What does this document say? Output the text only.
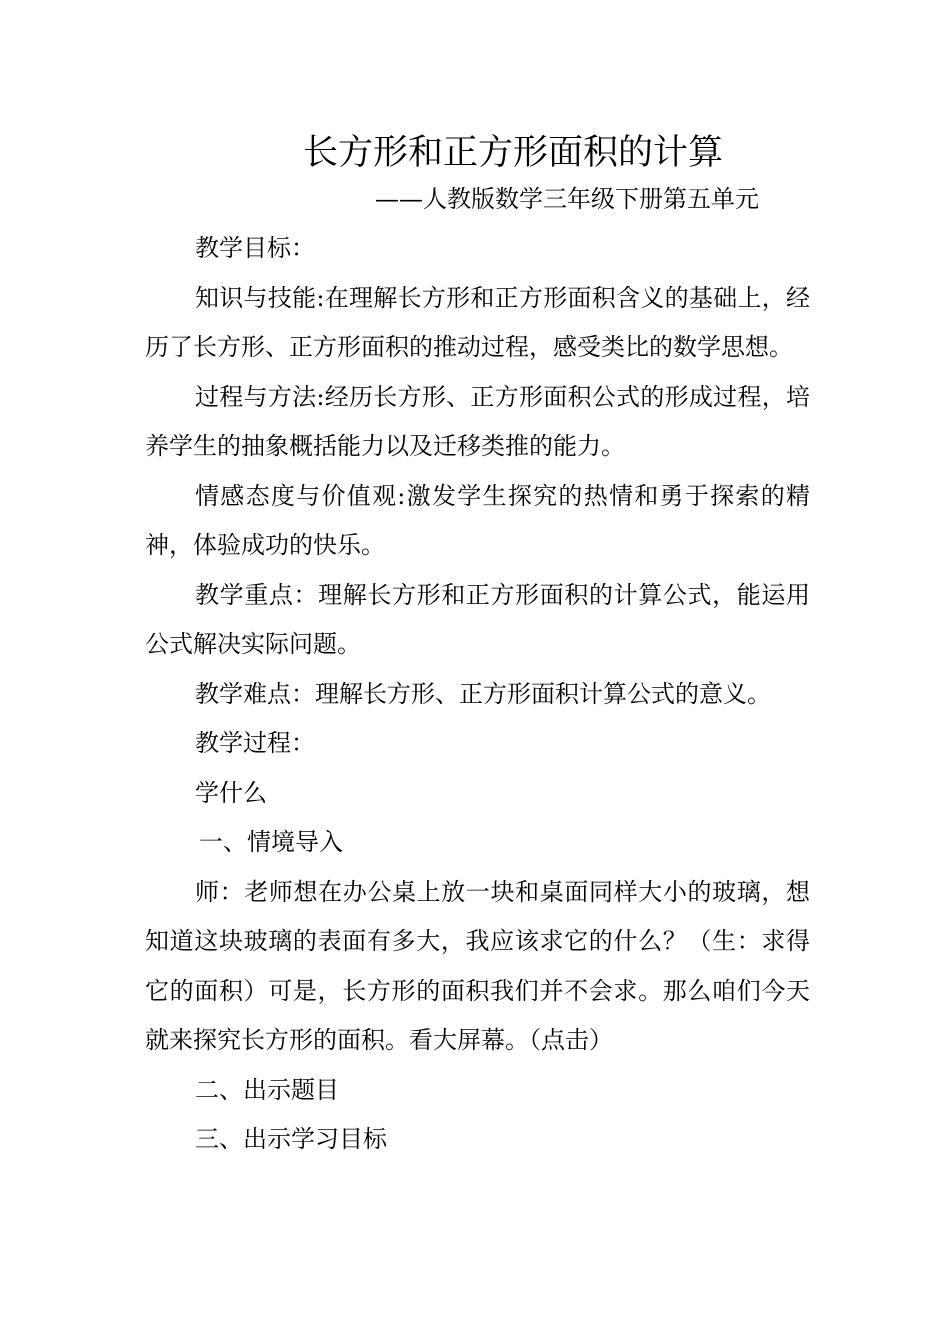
长方形和正方形面积的计算
——人教版数学三年级下册第五单元

教学目标：

知识与技能:在理解长方形和正方形面积含义的基础上，经历了长方形、正方形面积的推动过程，感受类比的数学思想。

过程与方法:经历长方形、正方形面积公式的形成过程，培养学生的抽象概括能力以及迁移类推的能力。

情感态度与价值观:激发学生探究的热情和勇于探索的精神，体验成功的快乐。

教学重点：理解长方形和正方形面积的计算公式，能运用公式解决实际问题。

教学难点：理解长方形、正方形面积计算公式的意义。

教学过程：

学什么

一、情境导入

师：老师想在办公桌上放一块和桌面同样大小的玻璃，想知道这块玻璃的表面有多大，我应该求它的什么？（生：求得它的面积）可是，长方形的面积我们并不会求。那么咱们今天就来探究长方形的面积。看大屏幕。（点击）

二、出示题目

三、出示学习目标
